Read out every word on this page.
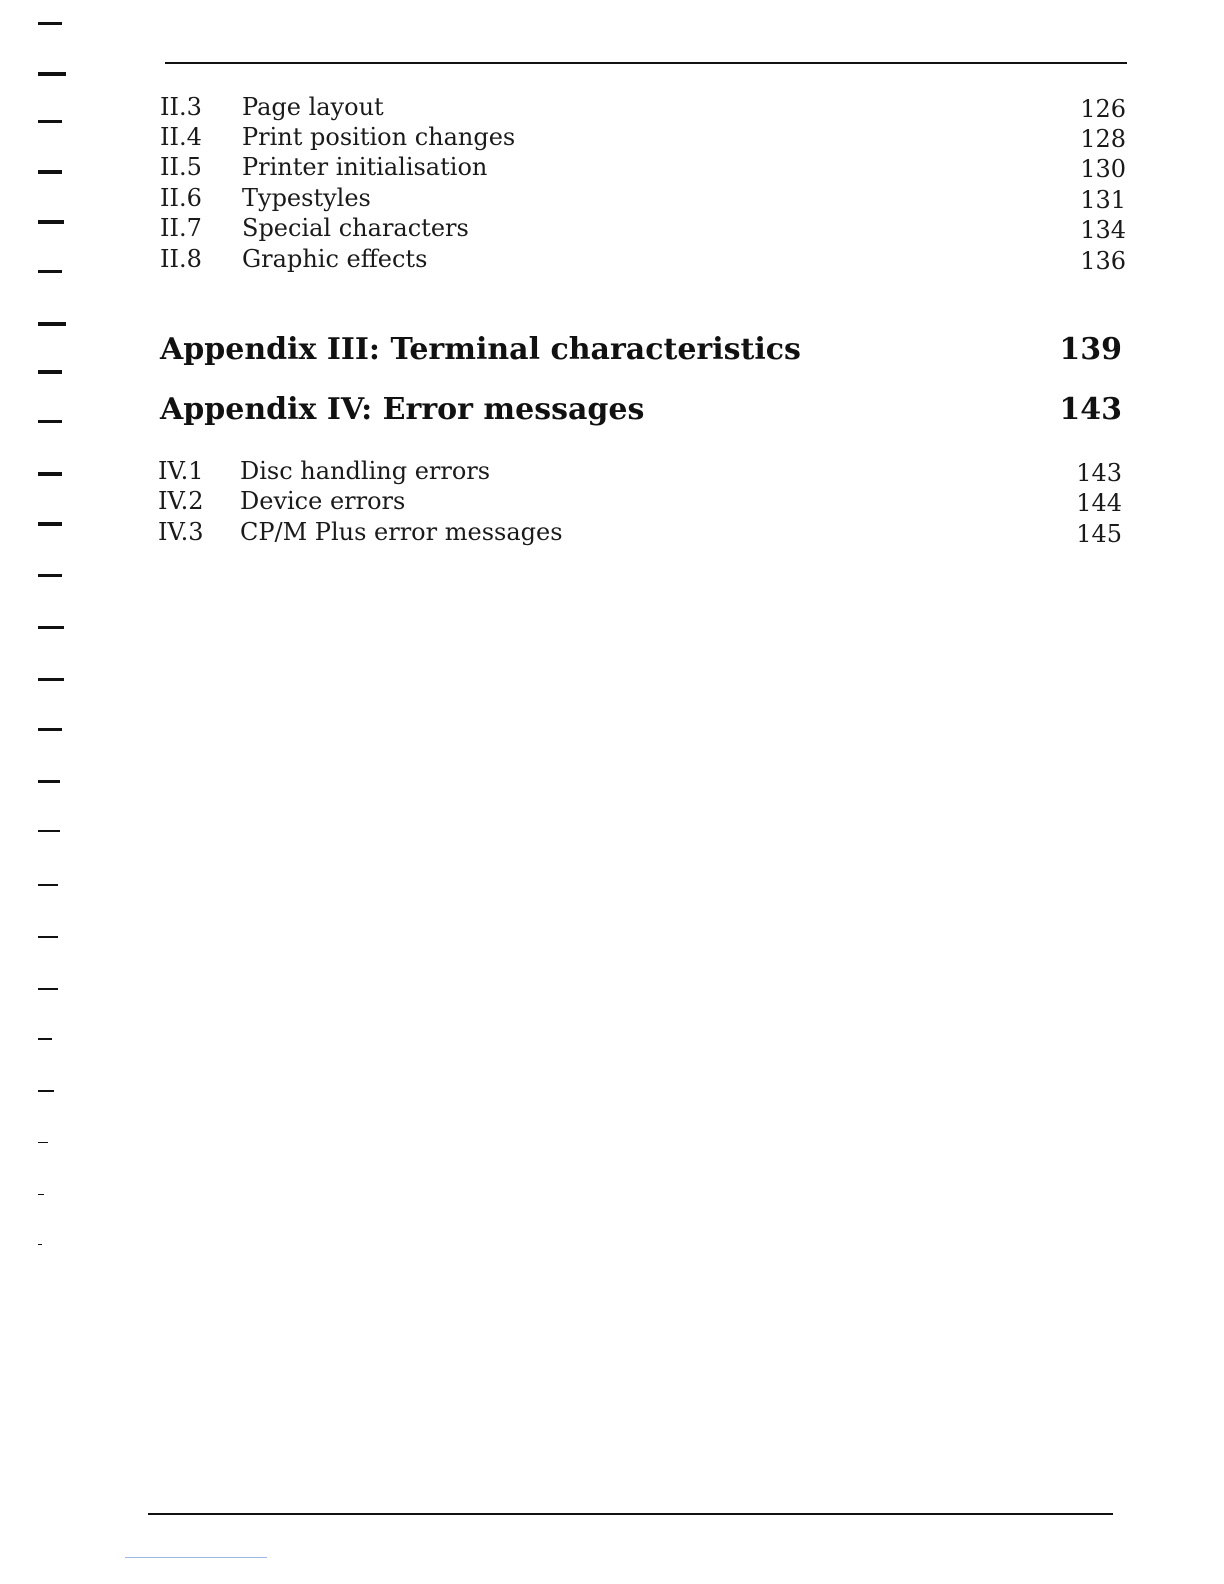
II.3 Page layout	126
II.4 Print position changes	128
II.5 Printer initialisation	130
II.6 Typestyles	131
II.7 Special characters	134
II.8 Graphic effects	136
Appendix III: Terminal characteristics	139
Appendix IV: Error messages	143
IV.1 Disc handling errors	143
IV.2 Device errors	144
IV.3 CP/M Plus error messages	145
